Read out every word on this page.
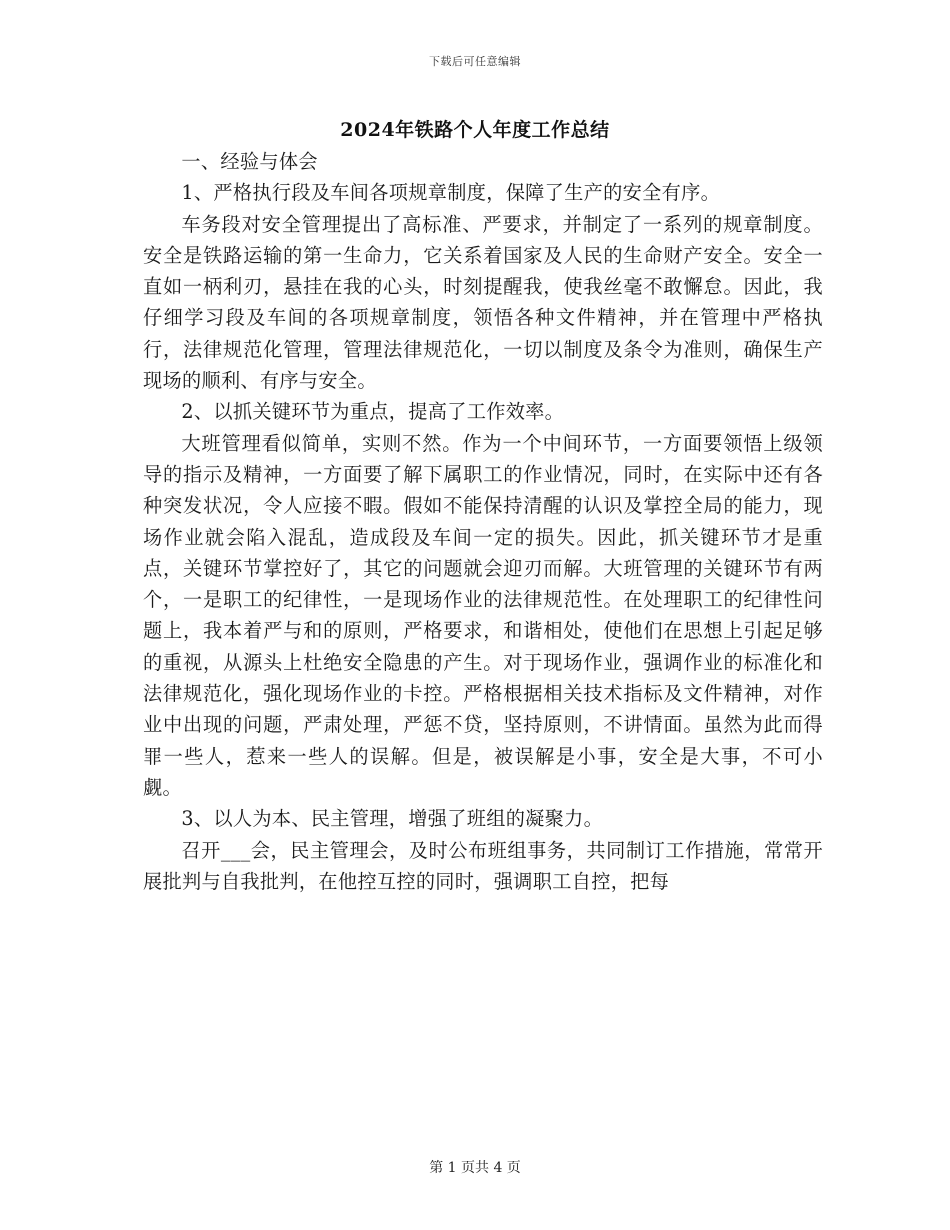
下载后可任意编辑
2024年铁路个人年度工作总结

一、经验与体会

1、严格执行段及车间各项规章制度，保障了生产的安全有序。

车务段对安全管理提出了高标准、严要求，并制定了一系列的规章制度。安全是铁路运输的第一生命力，它关系着国家及人民的生命财产安全。安全一直如一柄利刃，悬挂在我的心头，时刻提醒我，使我丝毫不敢懈怠。因此，我仔细学习段及车间的各项规章制度，领悟各种文件精神，并在管理中严格执行，法律规范化管理，管理法律规范化，一切以制度及条令为准则，确保生产现场的顺利、有序与安全。

2、以抓关键环节为重点，提高了工作效率。

大班管理看似简单，实则不然。作为一个中间环节，一方面要领悟上级领导的指示及精神，一方面要了解下属职工的作业情况，同时，在实际中还有各种突发状况，令人应接不暇。假如不能保持清醒的认识及掌控全局的能力，现场作业就会陷入混乱，造成段及车间一定的损失。因此，抓关键环节才是重点，关键环节掌控好了，其它的问题就会迎刃而解。大班管理的关键环节有两个，一是职工的纪律性，一是现场作业的法律规范性。在处理职工的纪律性问题上，我本着严与和的原则，严格要求，和谐相处，使他们在思想上引起足够的重视，从源头上杜绝安全隐患的产生。对于现场作业，强调作业的标准化和法律规范化，强化现场作业的卡控。严格根据相关技术指标及文件精神，对作业中出现的问题，严肃处理，严惩不贷，坚持原则，不讲情面。虽然为此而得罪一些人，惹来一些人的误解。但是，被误解是小事，安全是大事，不可小觑。

3、以人为本、民主管理，增强了班组的凝聚力。

召开___会，民主管理会，及时公布班组事务，共同制订工作措施，常常开展批判与自我批判，在他控互控的同时，强调职工自控，把每

第 1 页共 4 页
